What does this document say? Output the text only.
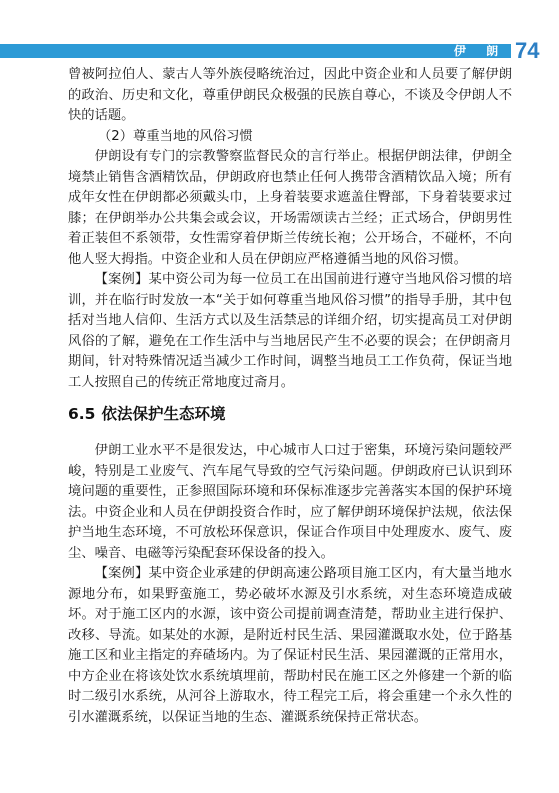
伊 朗 74

曾被阿拉伯人、蒙古人等外族侵略统治过，因此中资企业和人员要了解伊朗的政治、历史和文化，尊重伊朗民众极强的民族自尊心，不谈及令伊朗人不快的话题。

（2）尊重当地的风俗习惯

伊朗设有专门的宗教警察监督民众的言行举止。根据伊朗法律，伊朗全境禁止销售含酒精饮品，伊朗政府也禁止任何人携带含酒精饮品入境；所有成年女性在伊朗都必须戴头巾，上身着装要求遮盖住臀部，下身着装要求过膝；在伊朗举办公共集会或会议，开场需颂读古兰经；正式场合，伊朗男性着正装但不系领带，女性需穿着伊斯兰传统长袍；公开场合，不碰杯，不向他人竖大拇指。中资企业和人员在伊朗应严格遵循当地的风俗习惯。

【案例】某中资公司为每一位员工在出国前进行遵守当地风俗习惯的培训，并在临行时发放一本“关于如何尊重当地风俗习惯”的指导手册，其中包括对当地人信仰、生活方式以及生活禁忌的详细介绍，切实提高员工对伊朗风俗的了解，避免在工作生活中与当地居民产生不必要的误会；在伊朗斋月期间，针对特殊情况适当减少工作时间，调整当地员工工作负荷，保证当地工人按照自己的传统正常地度过斋月。

6.5 依法保护生态环境

伊朗工业水平不是很发达，中心城市人口过于密集，环境污染问题较严峻，特别是工业废气、汽车尾气导致的空气污染问题。伊朗政府已认识到环境问题的重要性，正参照国际环境和环保标准逐步完善落实本国的保护环境法。中资企业和人员在伊朗投资合作时，应了解伊朗环境保护法规，依法保护当地生态环境，不可放松环保意识，保证合作项目中处理废水、废气、废尘、噪音、电磁等污染配套环保设备的投入。

【案例】某中资企业承建的伊朗高速公路项目施工区内，有大量当地水源地分布，如果野蛮施工，势必破坏水源及引水系统，对生态环境造成破坏。对于施工区内的水源，该中资公司提前调查清楚，帮助业主进行保护、改移、导流。如某处的水源，是附近村民生活、果园灌溉取水处，位于路基施工区和业主指定的弃碴场内。为了保证村民生活、果园灌溉的正常用水，中方企业在将该处饮水系统填埋前，帮助村民在施工区之外修建一个新的临时二级引水系统，从河谷上游取水，待工程完工后，将会重建一个永久性的引水灌溉系统，以保证当地的生态、灌溉系统保持正常状态。
